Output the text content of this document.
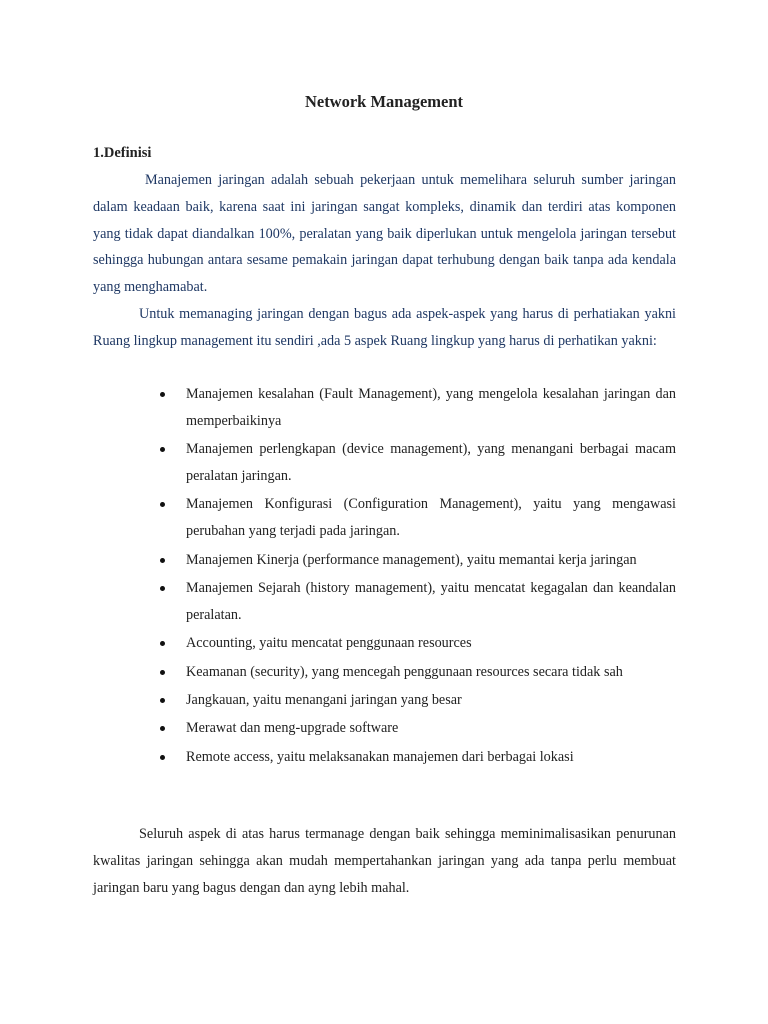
Network Management
1.Definisi

Manajemen jaringan adalah sebuah pekerjaan untuk memelihara seluruh sumber jaringan dalam keadaan baik, karena saat ini jaringan sangat kompleks, dinamik dan terdiri atas komponen yang tidak dapat diandalkan 100%, peralatan yang baik diperlukan untuk mengelola jaringan tersebut sehingga hubungan antara sesame pemakain jaringan dapat terhubung dengan baik tanpa ada kendala yang menghamabat.

Untuk memanaging jaringan dengan bagus ada aspek-aspek yang harus di perhatiakan yakni Ruang lingkup management itu sendiri ,ada 5 aspek Ruang lingkup yang harus di perhatikan yakni:

Manajemen kesalahan (Fault Management), yang mengelola kesalahan jaringan dan memperbaikinya
Manajemen perlengkapan (device management), yang menangani berbagai macam peralatan jaringan.
Manajemen Konfigurasi (Configuration Management), yaitu yang mengawasi perubahan yang terjadi pada jaringan.
Manajemen Kinerja (performance management), yaitu memantai kerja jaringan
Manajemen Sejarah (history management), yaitu mencatat kegagalan dan keandalan peralatan.
Accounting, yaitu mencatat penggunaan resources
Keamanan (security), yang mencegah penggunaan resources secara tidak sah
Jangkauan, yaitu menangani jaringan yang besar
Merawat dan meng-upgrade software
Remote access, yaitu melaksanakan manajemen dari berbagai lokasi

Seluruh aspek di atas harus termanage dengan baik sehingga meminimalisasikan penurunan kwalitas jaringan sehingga akan mudah mempertahankan jaringan yang ada tanpa perlu membuat jaringan baru yang bagus dengan dan ayng lebih mahal.
